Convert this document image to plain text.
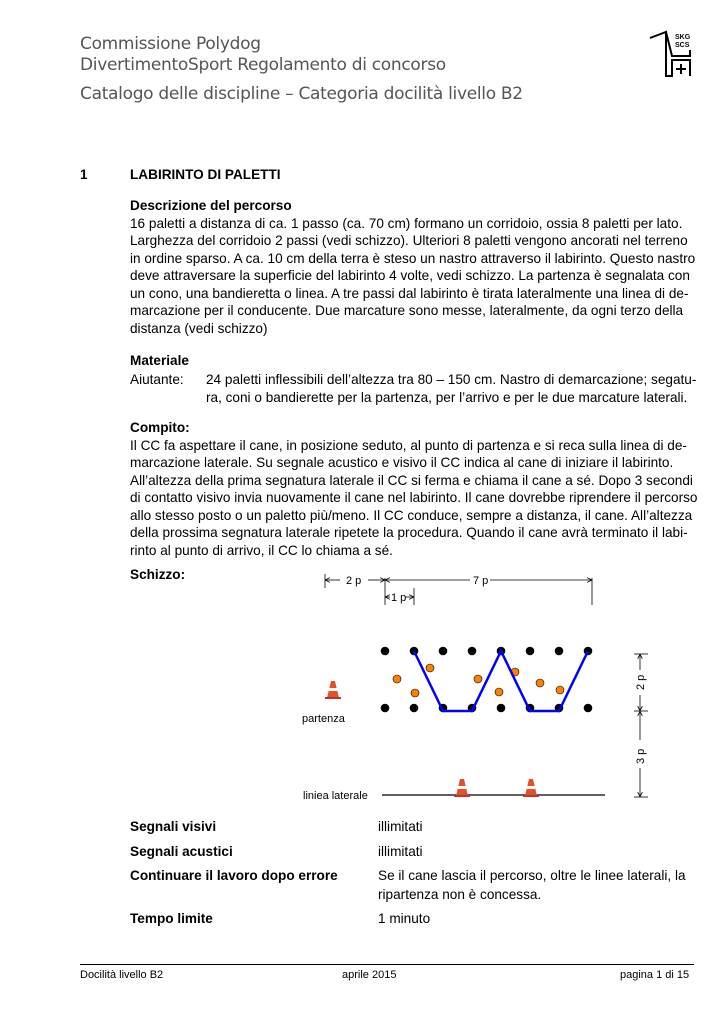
Commissione Polydog
DivertimentoSport Regolamento di concorso
Catalogo delle discipline – Categoria docilità livello B2
SKG
SCS
1	LABIRINTO DI PALETTI
Descrizione del percorso
16 paletti a distanza di ca. 1 passo (ca. 70 cm) formano un corridoio, ossia 8 paletti per lato.
Larghezza del corridoio 2 passi (vedi schizzo). Ulteriori 8 paletti vengono ancorati nel terreno
in ordine sparso. A ca. 10 cm della terra è steso un nastro attraverso il labirinto. Questo nastro
deve attraversare la superficie del labirinto 4 volte, vedi schizzo. La partenza è segnalata con
un cono, una bandieretta o linea. A tre passi dal labirinto è tirata lateralmente una linea di de-
marcazione per il conducente. Due marcature sono messe, lateralmente, da ogni terzo della
distanza (vedi schizzo)
Materiale
Aiutante: 24 paletti inflessibili dell’altezza tra 80 – 150 cm. Nastro di demarcazione; segatu-
ra, coni o bandierette per la partenza, per l’arrivo e per le due marcature laterali.
Compito:
Il CC fa aspettare il cane, in posizione seduto, al punto di partenza e si reca sulla linea di de-
marcazione laterale. Su segnale acustico e visivo il CC indica al cane di iniziare il labirinto.
All’altezza della prima segnatura laterale il CC si ferma e chiama il cane a sé. Dopo 3 secondi
di contatto visivo invia nuovamente il cane nel labirinto. Il cane dovrebbe riprendere il percorso
allo stesso posto o un paletto più/meno. Il CC conduce, sempre a distanza, il cane. All’altezza
della prossima segnatura laterale ripetete la procedura. Quando il cane avrà terminato il labi-
rinto al punto di arrivo, il CC lo chiama a sé.
Schizzo:	2 p	7 p
1 p
2 p
3 p
partenza
liniea laterale
Segnali visivi	illimitati
Segnali acustici	illimitati
Continuare il lavoro dopo errore	Se il cane lascia il percorso, oltre le linee laterali, la
ripartenza non è concessa.
Tempo limite	1 minuto
Docilità livello B2	aprile 2015	pagina 1 di 15
